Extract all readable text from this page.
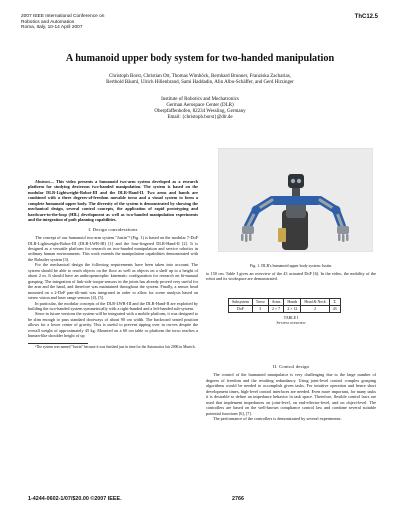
2007 IEEE International Conference on
Robotics and Automation
Roma, Italy, 10-14 April 2007
ThC12.5
A humanoid upper body system for two-handed manipulation
Christoph Borst, Christian Ott, Thomas Wimböck, Bernhard Brunner, Franziska Zacharias,
Berthold Bäuml, Ulrich Hillenbrand, Sami Haddadin, Alin Albu-Schäffer, and Gerd Hirzinger
Institute of Robotics and Mechatronics
German Aerospace Center (DLR)
Oberpfaffenhofen, 82234 Wessling, Germany
Email: {christoph.borst}@dlr.de

Abstract— This video presents a humanoid two-arm system developed as a research platform for studying dexterous two-handed manipulation. The system is based on the modular DLR-Lightweight-Robot-III and the DLR-Hand-II. Two arms and hands are combined with a three degrees-of-freedom movable torso and a visual system to form a complete humanoid upper body. The diversity of the system is demonstrated by showing the mechanical design, several control concepts, the application of rapid prototyping and hardware-in-the-loop (HIL) development as well as two-handed manipulation experiments and the integration of path planning capabilities.

I. Design considerations

The concept of our humanoid two-arm system "Justin"¹ (Fig. 1) is based on the modular 7-DoF DLR-Lightweight-Robot-III (DLR-LWR-III) [1] and the four-fingered DLR-Hand-II [2]. It is designed as a versatile platform for research on two-handed manipulation and service robotics in ordinary human environments. This work extends the manipulation capabilities demonstrated with the Robutler system [3].

For the mechanical design the following requirements have been taken into account: The system should be able to reach objects on the floor as well as objects on a shelf up to a height of about 2 m. It should have an anthropomorphic kinematic configuration for research on bi-manual grasping. The integration of link-side torque sensors in the joints has already proved very useful for the arm and the hand, and therefore was maintained throughout the system. Finally, a sensor head mounted on a 2-DoF pan-tilt-unit was integrated in order to allow for scene analysis based on stereo vision and laser range sensors [4], [5].

In particular, the modular concepts of the DLR-LWR-III and the DLR-Hand-II are exploited by building the two-handed system symmetrically with a right-handed and a left-handed sub-system.

Since in future versions the system will be integrated with a mobile platform, it was designed to be slim enough to pass standard doorways of about 90 cm width. The backward seated position allows for a lower center of gravity. This is useful to prevent tipping over in curves despite the overall weight of approximately 45 kg. Mounted on a 60 cm table or platform the torso reaches a human-like shoulder height of up

¹The system was named "Justin" because it was finished just in time for the Automatica fair 2006 in Munich.

Fig. 1. DLR's humanoid upper body system: Justin.
to 150 cm. Table I gives an overview of the 43 actuated DoF [6]. In the video, the mobility of the robot and its workspace are demonstrated.
Subsystem	Torso	Arms	Hands	Head & Neck	Σ
DoF	3	2 × 7	2 × 12	2	43
TABLE I
System overview
II. Control design

The control of the humanoid manipulator is very challenging due to the large number of degrees of freedom and the resulting redundancy. Using joint-level control complex grasping algorithms would be needed to accomplish given tasks. For intuitive operation and hence short development times, high-level control interfaces are needed. Even more important, for many tasks it is desirable to define an impedance behavior in task space. Therefore, flexible control laws are used that implement impedances on joint-level, on end-effector-level, and on object-level. The controllers are based on the well-known compliance control law and combine several suitable potential functions [6], [7].

The performance of the controllers is demonstrated by several experiments:

1-4244-0602-1/07/$20.00 ©2007 IEEE.	2766
